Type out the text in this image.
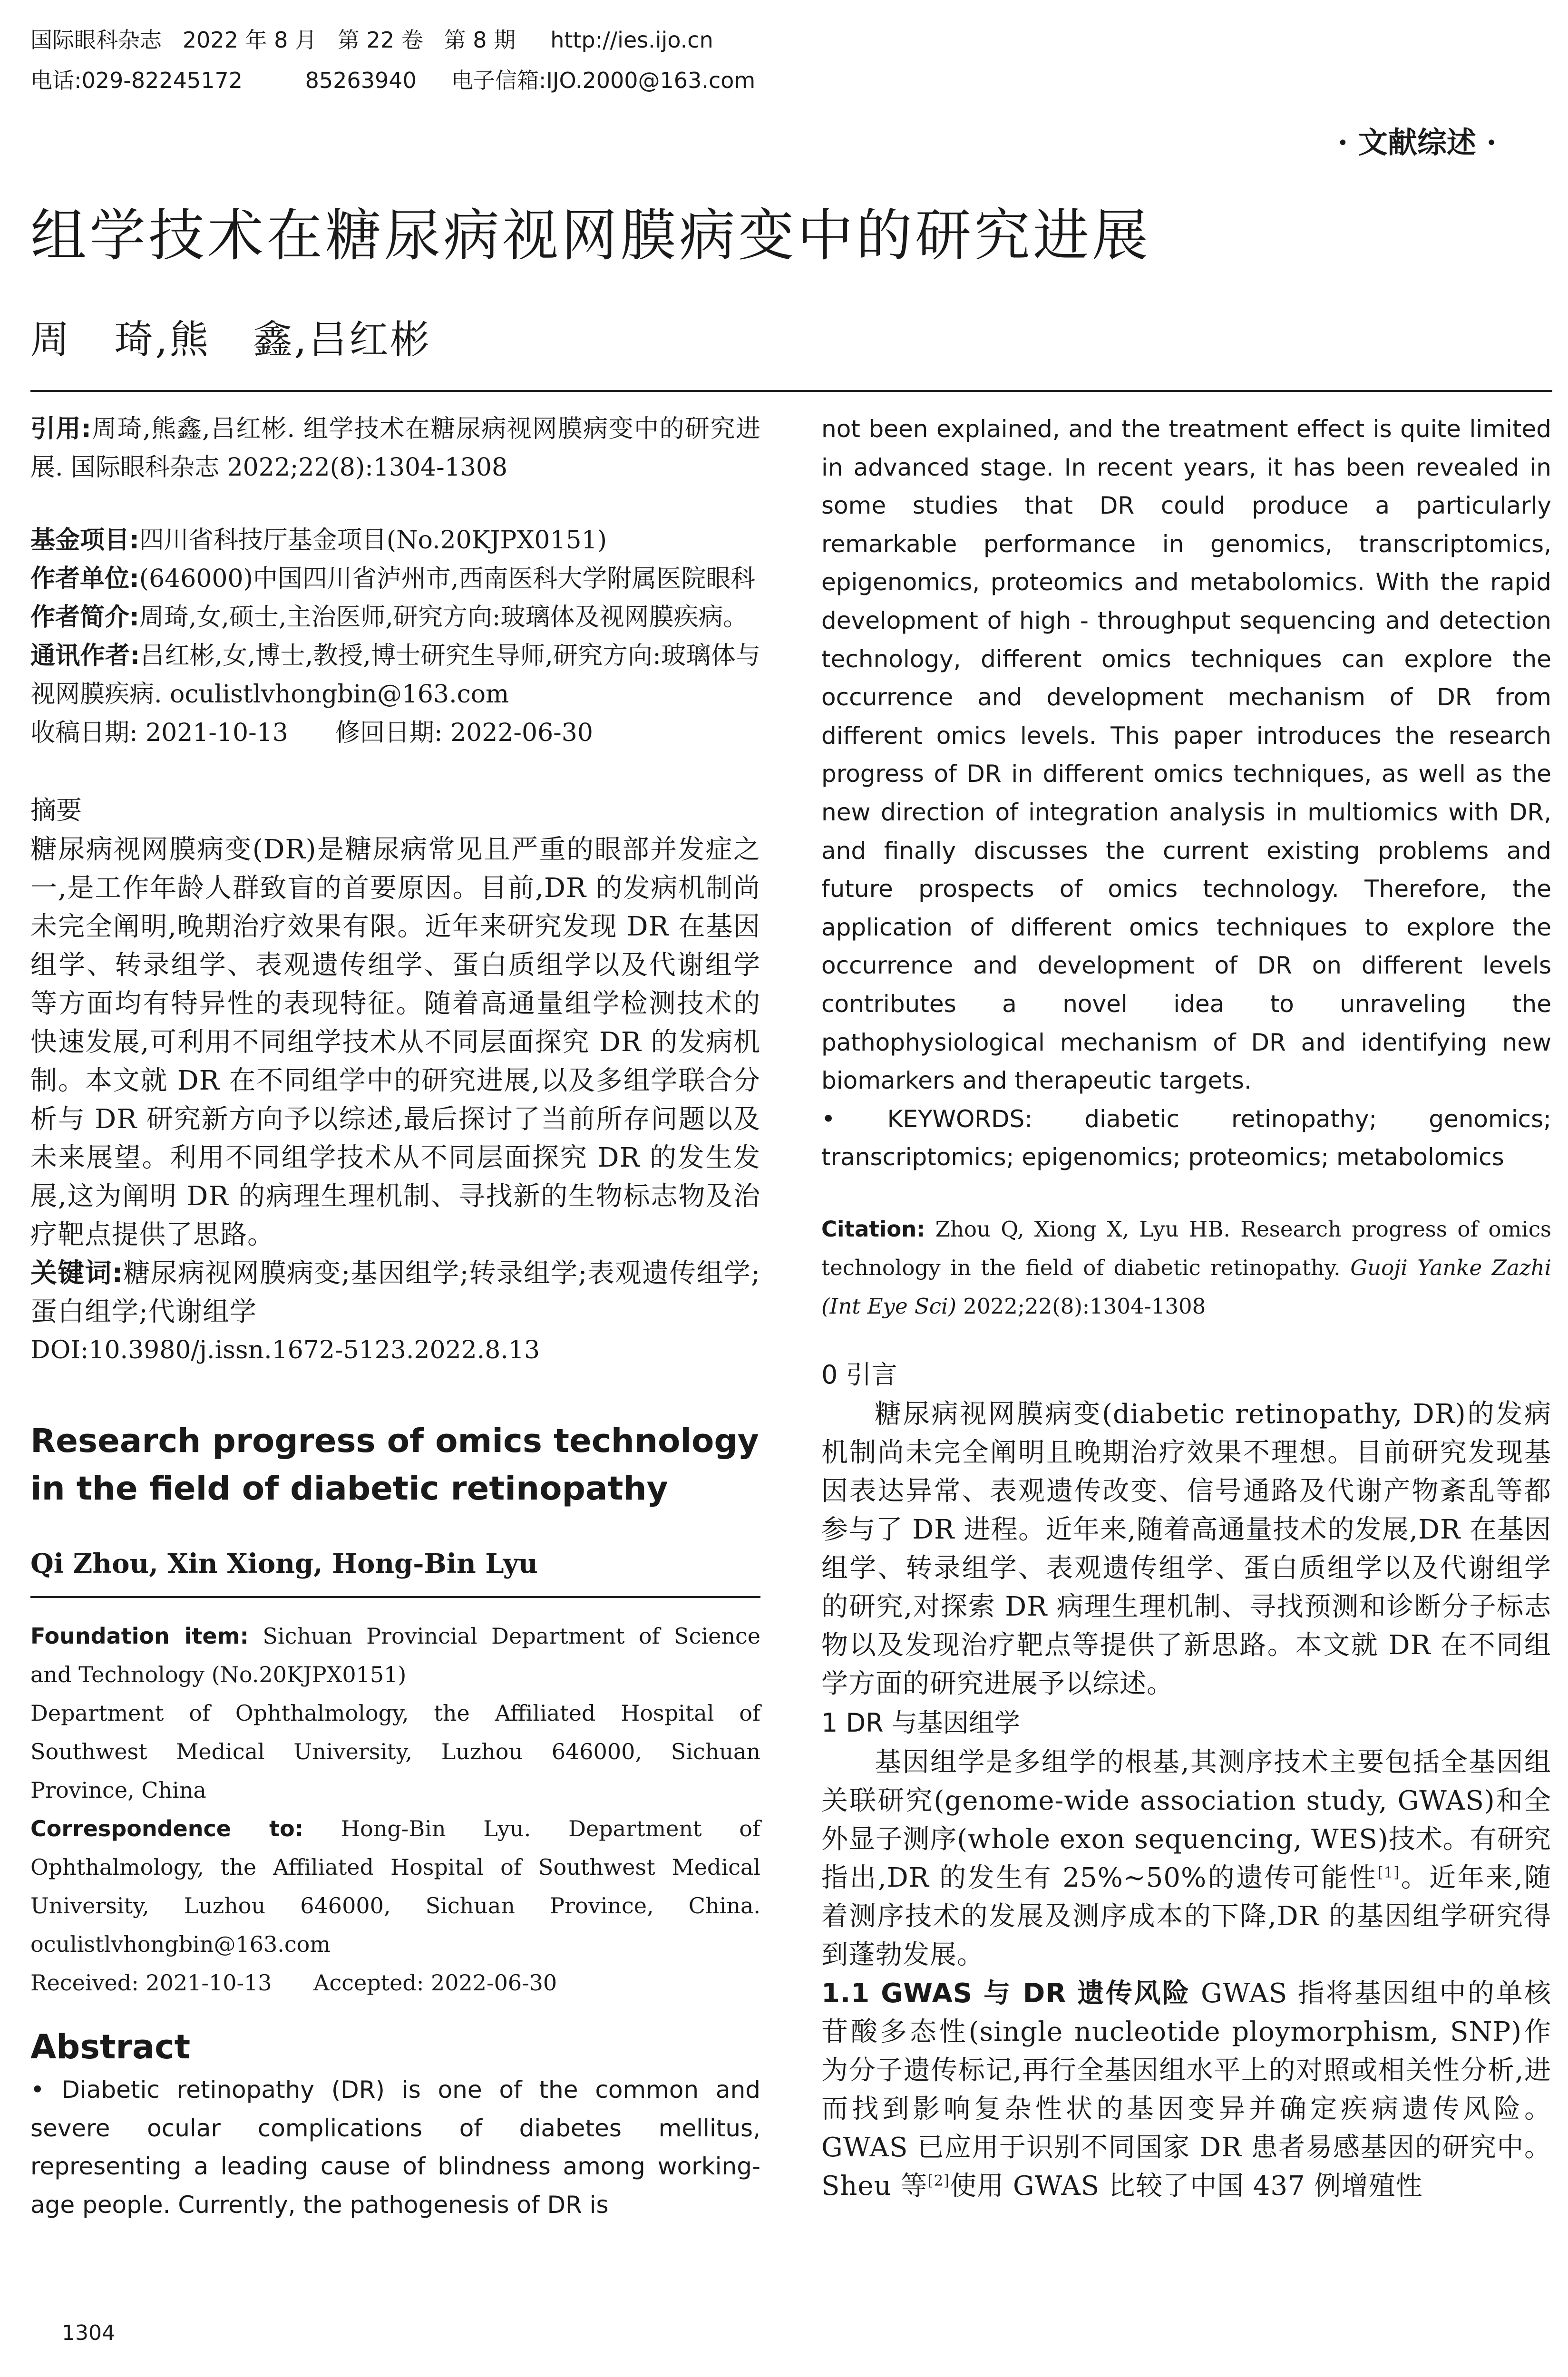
国际眼科杂志   2022 年 8 月   第 22 卷   第 8 期     http://ies.ijo.cn
电话:029-82245172         85263940     电子信箱:IJO.2000@163.com
· 文献综述 ·
组学技术在糖尿病视网膜病变中的研究进展
周   琦,熊   鑫,吕红彬

引用:周琦,熊鑫,吕红彬. 组学技术在糖尿病视网膜病变中的研究进展. 国际眼科杂志 2022;22(8):1304-1308

基金项目:四川省科技厅基金项目(No.20KJPX0151)

作者单位:(646000)中国四川省泸州市,西南医科大学附属医院眼科

作者简介:周琦,女,硕士,主治医师,研究方向:玻璃体及视网膜疾病。

通讯作者:吕红彬,女,博士,教授,博士研究生导师,研究方向:玻璃体与视网膜疾病. oculistlvhongbin@163.com

收稿日期: 2021-10-13      修回日期: 2022-06-30

摘要

糖尿病视网膜病变(DR)是糖尿病常见且严重的眼部并发症之一,是工作年龄人群致盲的首要原因。目前,DR 的发病机制尚未完全阐明,晚期治疗效果有限。近年来研究发现 DR 在基因组学、转录组学、表观遗传组学、蛋白质组学以及代谢组学等方面均有特异性的表现特征。随着高通量组学检测技术的快速发展,可利用不同组学技术从不同层面探究 DR 的发病机制。本文就 DR 在不同组学中的研究进展,以及多组学联合分析与 DR 研究新方向予以综述,最后探讨了当前所存问题以及未来展望。利用不同组学技术从不同层面探究 DR 的发生发展,这为阐明 DR 的病理生理机制、寻找新的生物标志物及治疗靶点提供了思路。

关键词:糖尿病视网膜病变;基因组学;转录组学;表观遗传组学;蛋白组学;代谢组学

DOI:10.3980/j.issn.1672-5123.2022.8.13

Research progress of omics technology in the field of diabetic retinopathy

Qi Zhou, Xin Xiong, Hong-Bin Lyu

Foundation item: Sichuan Provincial Department of Science and Technology (No.20KJPX0151)

Department of Ophthalmology, the Affiliated Hospital of Southwest Medical University, Luzhou 646000, Sichuan Province, China

Correspondence to: Hong-Bin Lyu. Department of Ophthalmology, the Affiliated Hospital of Southwest Medical University, Luzhou 646000, Sichuan Province, China. oculistlvhongbin@163.com

Received: 2021-10-13      Accepted: 2022-06-30

Abstract

• Diabetic retinopathy (DR) is one of the common and severe ocular complications of diabetes mellitus, representing a leading cause of blindness among working-age people. Currently, the pathogenesis of DR is

not been explained, and the treatment effect is quite limited in advanced stage. In recent years, it has been revealed in some studies that DR could produce a particularly remarkable performance in genomics, transcriptomics, epigenomics, proteomics and metabolomics. With the rapid development of high - throughput sequencing and detection technology, different omics techniques can explore the occurrence and development mechanism of DR from different omics levels. This paper introduces the research progress of DR in different omics techniques, as well as the new direction of integration analysis in multiomics with DR, and finally discusses the current existing problems and future prospects of omics technology. Therefore, the application of different omics techniques to explore the occurrence and development of DR on different levels contributes a novel idea to unraveling the pathophysiological mechanism of DR and identifying new biomarkers and therapeutic targets.

• KEYWORDS: diabetic retinopathy; genomics; transcriptomics; epigenomics; proteomics; metabolomics

Citation: Zhou Q, Xiong X, Lyu HB. Research progress of omics technology in the field of diabetic retinopathy. Guoji Yanke Zazhi (Int Eye Sci) 2022;22(8):1304-1308

0 引言

糖尿病视网膜病变(diabetic retinopathy, DR)的发病机制尚未完全阐明且晚期治疗效果不理想。目前研究发现基因表达异常、表观遗传改变、信号通路及代谢产物紊乱等都参与了 DR 进程。近年来,随着高通量技术的发展,DR 在基因组学、转录组学、表观遗传组学、蛋白质组学以及代谢组学的研究,对探索 DR 病理生理机制、寻找预测和诊断分子标志物以及发现治疗靶点等提供了新思路。本文就 DR 在不同组学方面的研究进展予以综述。

1 DR 与基因组学

基因组学是多组学的根基,其测序技术主要包括全基因组关联研究(genome-wide association study, GWAS)和全外显子测序(whole exon sequencing, WES)技术。有研究指出,DR 的发生有 25%~50%的遗传可能性[1]。近年来,随着测序技术的发展及测序成本的下降,DR 的基因组学研究得到蓬勃发展。

1.1 GWAS 与 DR 遗传风险 GWAS 指将基因组中的单核苷酸多态性(single nucleotide ploymorphism, SNP)作为分子遗传标记,再行全基因组水平上的对照或相关性分析,进而找到影响复杂性状的基因变异并确定疾病遗传风险。GWAS 已应用于识别不同国家 DR 患者易感基因的研究中。Sheu 等[2]使用 GWAS 比较了中国 437 例增殖性

1304
